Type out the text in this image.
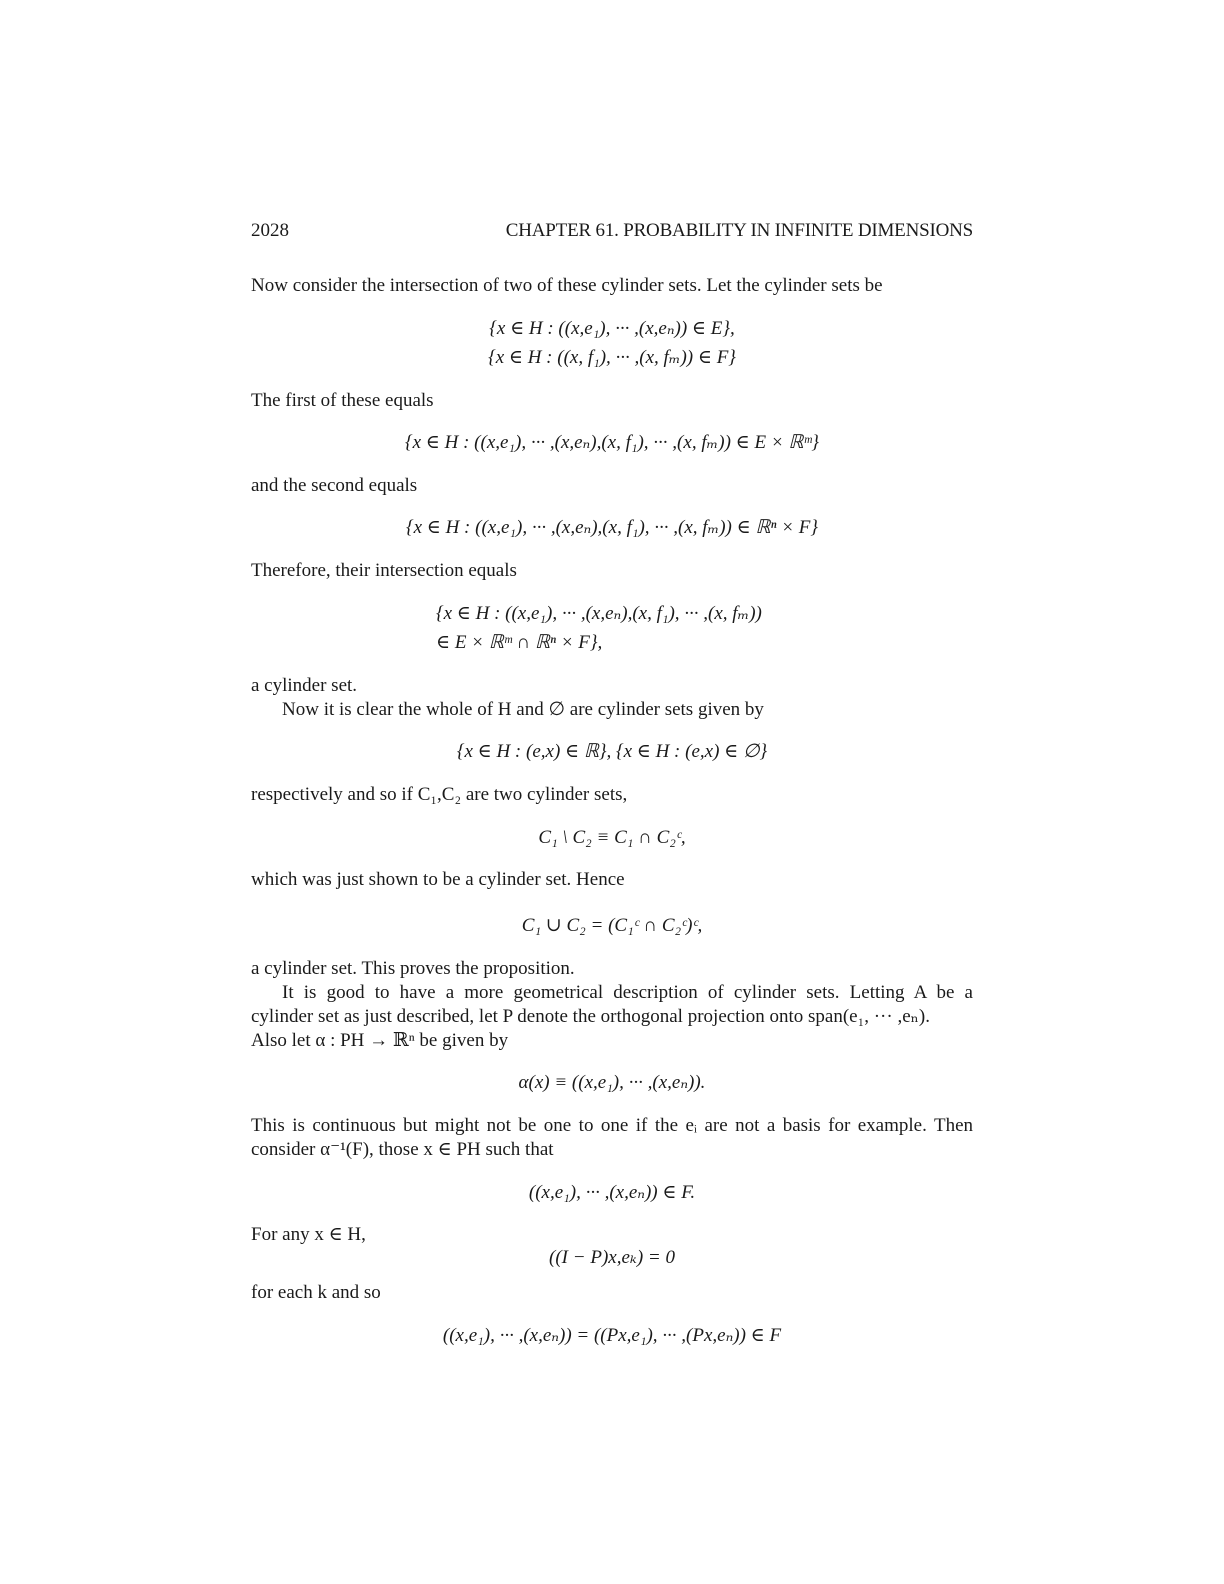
2028	CHAPTER 61. PROBABILITY IN INFINITE DIMENSIONS
Now consider the intersection of two of these cylinder sets. Let the cylinder sets be
{x ∈ H : ((x,e₁), ··· ,(x,eₙ)) ∈ E},
{x ∈ H : ((x, f₁), ··· ,(x, fₘ)) ∈ F}
The first of these equals
{x ∈ H : ((x,e₁), ··· ,(x,eₙ),(x, f₁), ··· ,(x, fₘ)) ∈ E × ℝᵐ}
and the second equals
{x ∈ H : ((x,e₁), ··· ,(x,eₙ),(x, f₁), ··· ,(x, fₘ)) ∈ ℝⁿ × F}
Therefore, their intersection equals
{x ∈ H : ((x,e₁), ··· ,(x,eₙ),(x, f₁), ··· ,(x, fₘ))
∈ E × ℝᵐ ∩ ℝⁿ × F},
a cylinder set.
Now it is clear the whole of H and ∅ are cylinder sets given by
{x ∈ H : (e,x) ∈ ℝ}, {x ∈ H : (e,x) ∈ ∅}
respectively and so if C₁,C₂ are two cylinder sets,
C₁ \ C₂ ≡ C₁ ∩ C₂ᶜ,
which was just shown to be a cylinder set. Hence
C₁ ∪ C₂ = (C₁ᶜ ∩ C₂ᶜ)ᶜ,
a cylinder set. This proves the proposition.
It is good to have a more geometrical description of cylinder sets. Letting A be a
cylinder set as just described, let P denote the orthogonal projection onto span(e₁, ··· ,eₙ).
Also let α : PH → ℝⁿ be given by
α(x) ≡ ((x,e₁), ··· ,(x,eₙ)).
This is continuous but might not be one to one if the eᵢ are not a basis for example. Then
consider α⁻¹(F), those x ∈ PH such that
((x,e₁), ··· ,(x,eₙ)) ∈ F.
For any x ∈ H,
((I − P)x,eₖ) = 0
for each k and so
((x,e₁), ··· ,(x,eₙ)) = ((Px,e₁), ··· ,(Px,eₙ)) ∈ F
